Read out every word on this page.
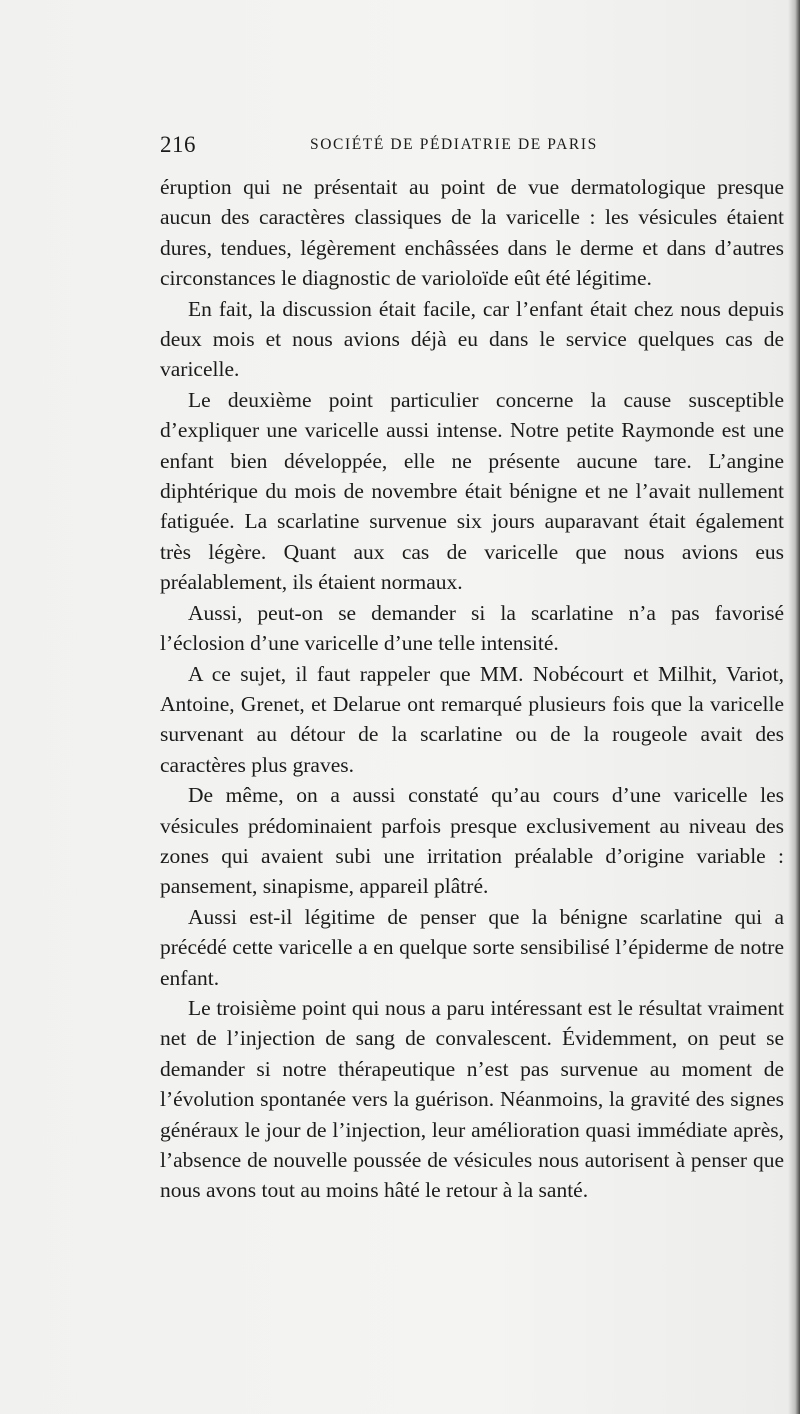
216	SOCIÉTÉ DE PÉDIATRIE DE PARIS

éruption qui ne présentait au point de vue dermatologique presque aucun des caractères classiques de la varicelle : les vésicules étaient dures, tendues, légèrement enchâssées dans le derme et dans d’autres circonstances le diagnostic de varioloïde eût été légitime.

En fait, la discussion était facile, car l’enfant était chez nous depuis deux mois et nous avions déjà eu dans le service quelques cas de varicelle.

Le deuxième point particulier concerne la cause susceptible d’expliquer une varicelle aussi intense. Notre petite Raymonde est une enfant bien développée, elle ne présente aucune tare. L’angine diphtérique du mois de novembre était bénigne et ne l’avait nullement fatiguée. La scarlatine survenue six jours auparavant était également très légère. Quant aux cas de varicelle que nous avions eus préalablement, ils étaient normaux.

Aussi, peut-on se demander si la scarlatine n’a pas favorisé l’éclosion d’une varicelle d’une telle intensité.

A ce sujet, il faut rappeler que MM. Nobécourt et Milhit, Variot, Antoine, Grenet, et Delarue ont remarqué plusieurs fois que la varicelle survenant au détour de la scarlatine ou de la rougeole avait des caractères plus graves.

De même, on a aussi constaté qu’au cours d’une varicelle les vésicules prédominaient parfois presque exclusivement au niveau des zones qui avaient subi une irritation préalable d’origine variable : pansement, sinapisme, appareil plâtré.

Aussi est-il légitime de penser que la bénigne scarlatine qui a précédé cette varicelle a en quelque sorte sensibilisé l’épiderme de notre enfant.

Le troisième point qui nous a paru intéressant est le résultat vraiment net de l’injection de sang de convalescent. Évidemment, on peut se demander si notre thérapeutique n’est pas survenue au moment de l’évolution spontanée vers la guérison. Néanmoins, la gravité des signes généraux le jour de l’injection, leur amélioration quasi immédiate après, l’absence de nouvelle poussée de vésicules nous autorisent à penser que nous avons tout au moins hâté le retour à la santé.
